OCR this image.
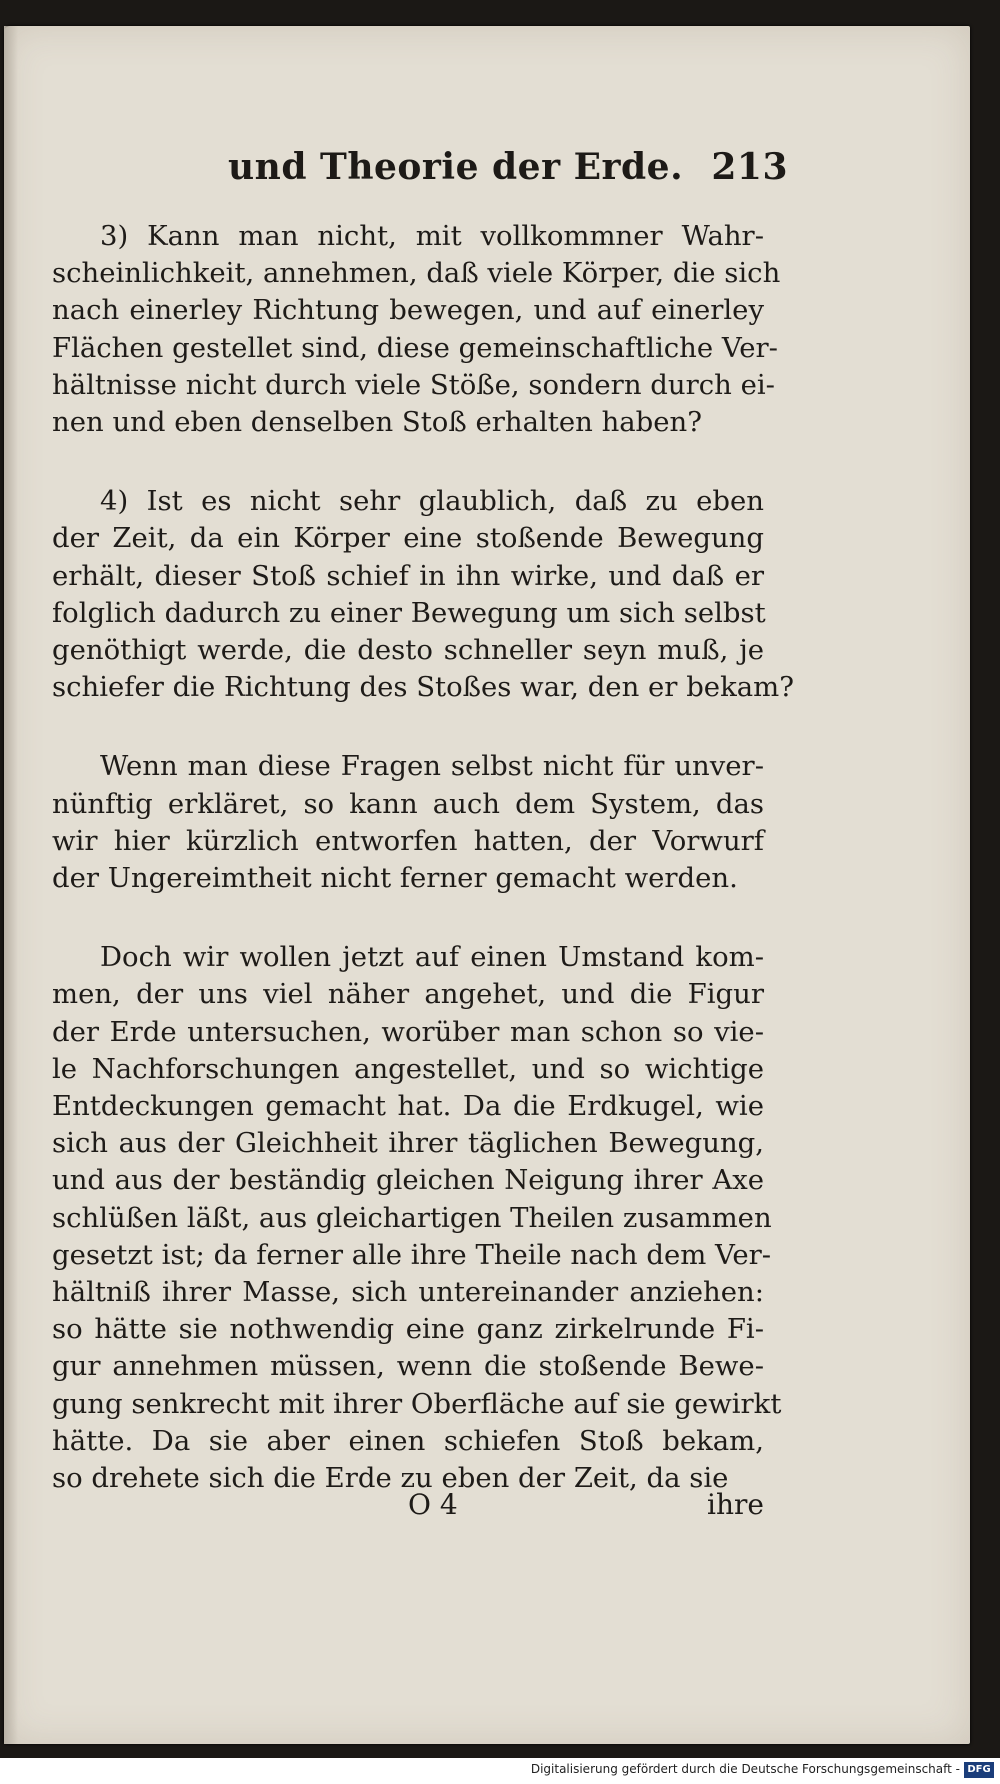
und Theorie der Erde. 213
3) Kann man nicht, mit vollkommner Wahr-
scheinlichkeit, annehmen, daß viele Körper, die sich
nach einerley Richtung bewegen, und auf einerley
Flächen gestellet sind, diese gemeinschaftliche Ver-
hältnisse nicht durch viele Stöße, sondern durch ei-
nen und eben denselben Stoß erhalten haben?
4) Ist es nicht sehr glaublich, daß zu eben
der Zeit, da ein Körper eine stoßende Bewegung
erhält, dieser Stoß schief in ihn wirke, und daß er
folglich dadurch zu einer Bewegung um sich selbst
genöthigt werde, die desto schneller seyn muß, je
schiefer die Richtung des Stoßes war, den er bekam?
Wenn man diese Fragen selbst nicht für unver-
nünftig erkläret, so kann auch dem System, das
wir hier kürzlich entworfen hatten, der Vorwurf
der Ungereimtheit nicht ferner gemacht werden.
Doch wir wollen jetzt auf einen Umstand kom-
men, der uns viel näher angehet, und die Figur
der Erde untersuchen, worüber man schon so vie-
le Nachforschungen angestellet, und so wichtige
Entdeckungen gemacht hat. Da die Erdkugel, wie
sich aus der Gleichheit ihrer täglichen Bewegung,
und aus der beständig gleichen Neigung ihrer Axe
schlüßen läßt, aus gleichartigen Theilen zusammen
gesetzt ist; da ferner alle ihre Theile nach dem Ver-
hältniß ihrer Masse, sich untereinander anziehen:
so hätte sie nothwendig eine ganz zirkelrunde Fi-
gur annehmen müssen, wenn die stoßende Bewe-
gung senkrecht mit ihrer Oberfläche auf sie gewirkt
hätte. Da sie aber einen schiefen Stoß bekam,
so drehete sich die Erde zu eben der Zeit, da sie
O 4	ihre
Digitalisierung gefördert durch die Deutsche Forschungsgemeinschaft - DFG
